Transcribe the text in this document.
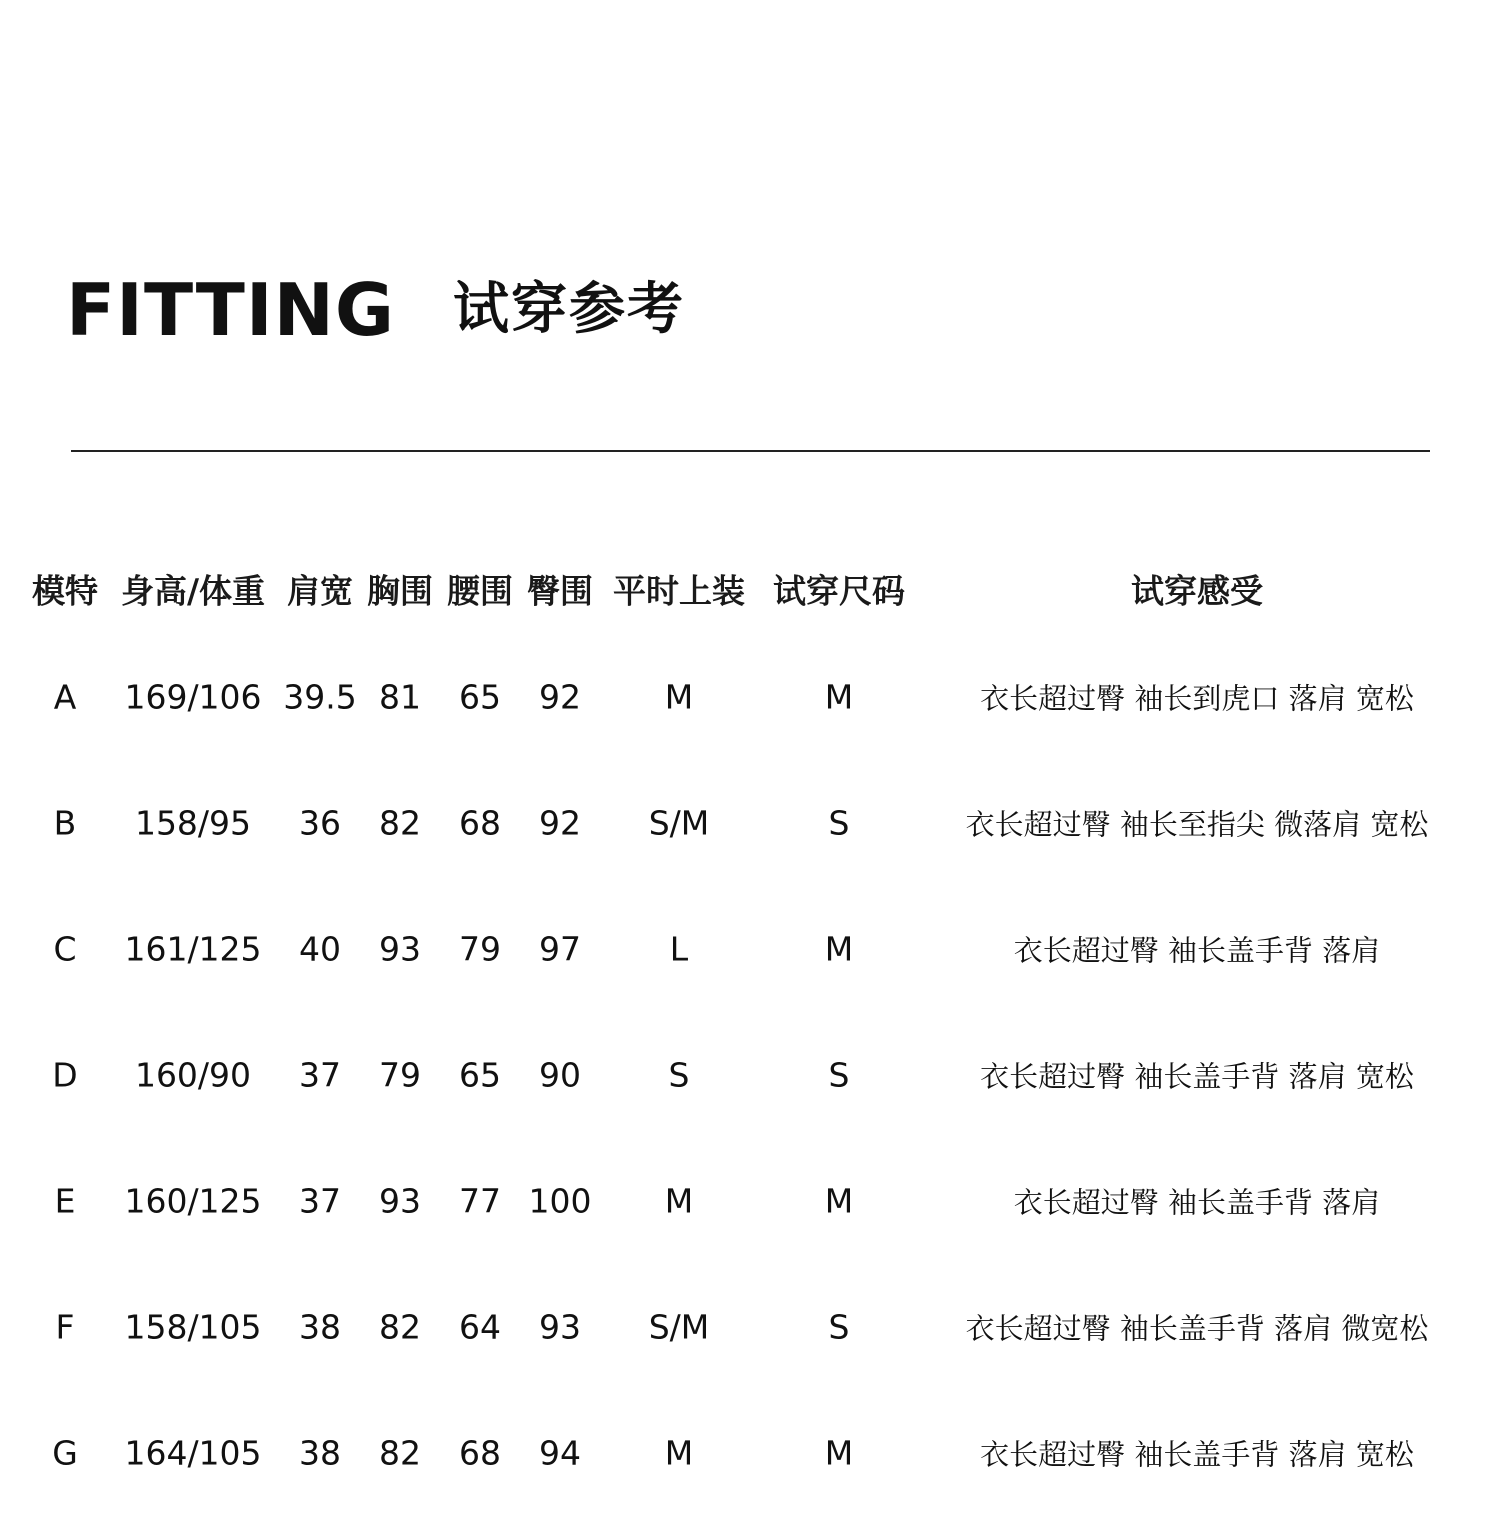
FITTING 试穿参考
模特 身高/体重 肩宽 胸围 腰围 臀围 平时上装 试穿尺码	试穿感受
A 169/106 39.5 81 65 92	M	M	衣长超过臀 袖长到虎口 落肩 宽松
B 158/95 36 82 68 92 S/M	S	衣长超过臀 袖长至指尖 微落肩 宽松
C 161/125 40 93 79 97	L	M	衣长超过臀 袖长盖手背 落肩
D 160/90 37 79 65 90	S	S	衣长超过臀 袖长盖手背 落肩 宽松
E 160/125 37 93 77 100 M	M	衣长超过臀 袖长盖手背 落肩
F 158/105 38 82 64 93 S/M	S	衣长超过臀 袖长盖手背 落肩 微宽松
G 164/105 38 82 68 94	M	M	衣长超过臀 袖长盖手背 落肩 宽松
